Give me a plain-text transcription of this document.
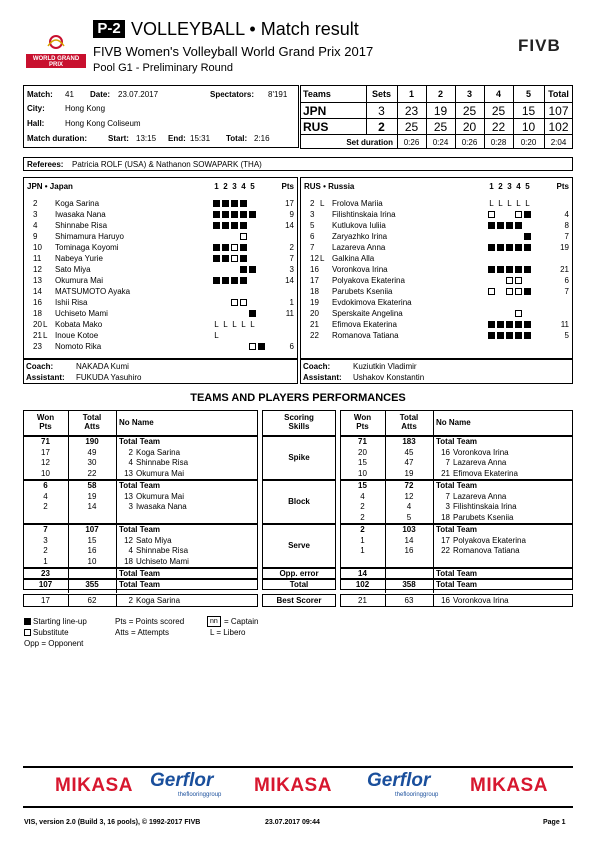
P-2 VOLLEYBALL • Match result
FIVB Women's Volleyball World Grand Prix 2017
Pool G1 - Preliminary Round
WORLD GRAND PRIX
FIVB
Match: 41 Date: 23.07.2017	Spectators: 8'191
City:	Hong Kong
Hall:	Hong Kong Coliseum
Match duration:	Start: 13:15 End: 15:31 Total: 2:16
Teams	Sets	1	2	3	4	5	Total
JPN	3	23	19	25	25	15	107
RUS	2	25	25	20	22	10	102
Set duration	0:26	0:24	0:26	0:28	0:20	2:04
Referees: Patricia ROLF (USA) & Nathanon SOWAPARK (THA)
JPN • Japan	1 2 3 4 5	Pts
2	Koga Sarina	17
3	Iwasaka Nana	9
4	Shinnabe Risa	14
9	Shimamura Haruyo
10	Tominaga Koyomi	2
11	Nabeya Yurie	7
12	Sato Miya	3
13	Okumura Mai	14
14	MATSUMOTO Ayaka
16	Ishii Risa	1
18	Uchiseto Mami	11
20 L Kobata Mako	L L L L L
21 L Inoue Kotoe	L
23	Nomoto Rika	6
Coach:	NAKADA Kumi
Assistant: FUKUDA Yasuhiro
RUS • Russia	1 2 3 4 5	Pts
2 L Frolova Mariia	L L L L L
3	Filishtinskaia Irina	4
5	Kutlukova Iuliia	8
6	Zaryazhko Irina	7
7	Lazareva Anna	19
12 L Galkina Alla
16	Voronkova Irina	21
17	Polyakova Ekaterina	6
18	Parubets Kseniia	7
19	Evdokimova Ekaterina
20	Sperskaite Angelina
21	Efimova Ekaterina	11
22	Romanova Tatiana	5
Coach:	Kuziutkin Vladimir
Assistant: Ushakov Konstantin
TEAMS AND PLAYERS PERFORMANCES
Won
Pts
Won
Pts
Total
Atts	No Name
Total
Atts	No Name
Scoring
Skills
Spike
71	190	Total Team
17	49	2 Koga Sarina
12	30	4 Shinnabe Risa
10	22	13 Okumura Mai
71	183	Total Team
20	45	16 Voronkova Irina
15	47	7 Lazareva Anna
10	19	21 Efimova Ekaterina
Block
6	58	Total Team
4	19	13 Okumura Mai
2	14	3 Iwasaka Nana
15	72	Total Team
4	12	7 Lazareva Anna
2	4	3 Filishtinskaia Irina
2	5	18 Parubets Kseniia
Serve
7	107	Total Team
3	15	12 Sato Miya
2	16	4 Shinnabe Risa
1	10	18 Uchiseto Mami
2	103	Total Team
1	14	17 Polyakova Ekaterina
1	16	22 Romanova Tatiana
Opp. error
23	Total Team	14	Total Team
Total
107	355	Total Team	102	358	Total Team
Best Scorer
17	62	2 Koga Sarina	21	63	16 Voronkova Irina
Starting line-up
Substitute
Opp = Opponent
Pts = Points scored
Atts = Attempts
nn = Captain
L = Libero
MIKASA Gerflor
theflooringgroup	MIKASA Gerflor
theflooringgroup	MIKASA
VIS, version 2.0 (Build 3, 16 pools), © 1992-2017 FIVB	23.07.2017 09:44	Page 1
